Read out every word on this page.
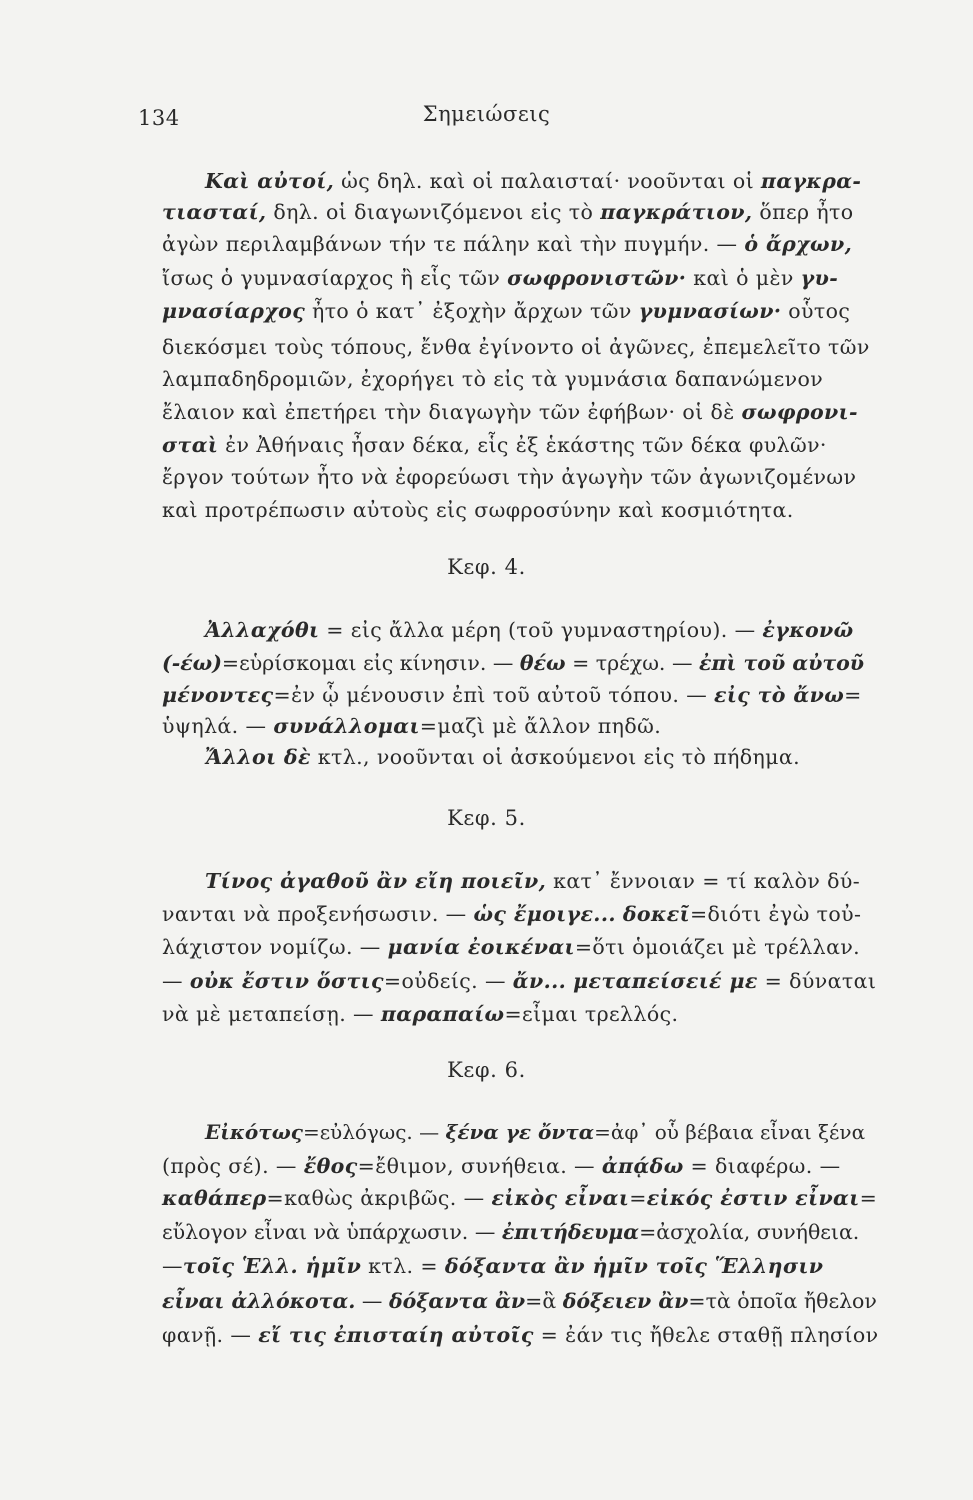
134	Σημειώσεις
Καὶ αὐτοί, ὡς δηλ. καὶ οἱ παλαισταί· νοοῦνται οἱ παγκρα-
τιασταί, δηλ. οἱ διαγωνιζόμενοι εἰς τὸ παγκράτιον, ὅπερ ἦτο
ἀγὼν περιλαμβάνων τήν τε πάλην καὶ τὴν πυγμήν. — ὁ ἄρχων,
ἴσως ὁ γυμνασίαρχος ἢ εἷς τῶν σωφρονιστῶν· καὶ ὁ μὲν γυ-
μνασίαρχος ἦτο ὁ κατ᾽ ἐξοχὴν ἄρχων τῶν γυμνασίων· οὗτος
διεκόσμει τοὺς τόπους, ἔνθα ἐγίνοντο οἱ ἀγῶνες, ἐπεμελεῖτο τῶν
λαμπαδηδρομιῶν, ἐχορήγει τὸ εἰς τὰ γυμνάσια δαπανώμενον
ἔλαιον καὶ ἐπετήρει τὴν διαγωγὴν τῶν ἐφήβων· οἱ δὲ σωφρονι-
σταὶ ἐν Ἀθήναις ἦσαν δέκα, εἷς ἐξ ἑκάστης τῶν δέκα φυλῶν·
ἔργον τούτων ἦτο νὰ ἐφορεύωσι τὴν ἀγωγὴν τῶν ἀγωνιζομένων
καὶ προτρέπωσιν αὐτοὺς εἰς σωφροσύνην καὶ κοσμιότητα.
Κεφ. 4.
Ἀλλαχόθι = εἰς ἄλλα μέρη (τοῦ γυμναστηρίου). — ἐγκονῶ
(-έω)=εὑρίσκομαι εἰς κίνησιν. — θέω = τρέχω. — ἐπὶ τοῦ αὐτοῦ
μένοντες=ἐν ᾧ μένουσιν ἐπὶ τοῦ αὐτοῦ τόπου. — εἰς τὸ ἄνω=
ὑψηλά. — συνάλλομαι=μαζὶ μὲ ἄλλον πηδῶ.
Ἄλλοι δὲ κτλ., νοοῦνται οἱ ἀσκούμενοι εἰς τὸ πήδημα.
Κεφ. 5.
Τίνος ἀγαθοῦ ἂν εἴη ποιεῖν, κατ᾽ ἔννοιαν = τί καλὸν δύ-
νανται νὰ προξενήσωσιν. — ὡς ἔμοιγε... δοκεῖ=διότι ἐγὼ τοὐ-
λάχιστον νομίζω. — μανία ἐοικέναι=ὅτι ὁμοιάζει μὲ τρέλλαν.
— οὐκ ἔστιν ὅστις=οὐδείς. — ἄν... μεταπείσειέ με = δύναται
νὰ μὲ μεταπείσῃ. — παραπαίω=εἶμαι τρελλός.
Κεφ. 6.
Εἰκότως=εὐλόγως. — ξένα γε ὄντα=ἀφ᾽ οὗ βέβαια εἶναι ξένα
(πρὸς σέ). — ἔθος=ἔθιμον, συνήθεια. — ἀπᾴδω = διαφέρω. —
καθάπερ=καθὼς ἀκριβῶς. — εἰκὸς εἶναι=εἰκός ἐστιν εἶναι=
εὔλογον εἶναι νὰ ὑπάρχωσιν. — ἐπιτήδευμα=ἀσχολία, συνήθεια.
—τοῖς Ἑλλ. ἡμῖν κτλ. = δόξαντα ἂν ἡμῖν τοῖς Ἕλλησιν
εἶναι ἀλλόκοτα. — δόξαντα ἂν=ἃ δόξειεν ἂν=τὰ ὁποῖα ἤθελον
φανῇ. — εἴ τις ἐπισταίη αὐτοῖς = ἐάν τις ἤθελε σταθῇ πλησίον
